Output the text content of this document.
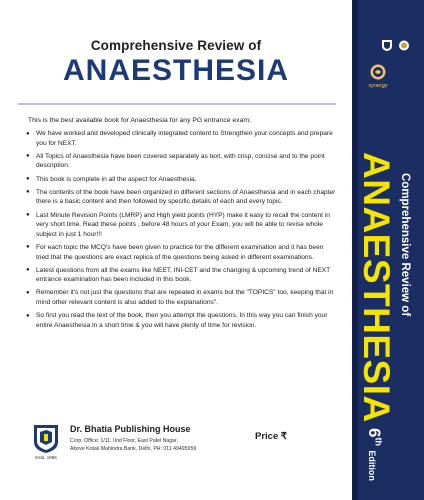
Comprehensive Review of
ANAESTHESIA
This is the best available book for Anaesthesia for any PG entrance exam;
● We have worked and developed clinically integrated content to Strengthen your concepts and prepare you for NEXT.
● All Topics of Anaesthesia have been covered separately as text, with crisp, concise and to the point description.
● This book is complete in all the aspect for Anaesthesia.
● The contents of the book have been organized in different sections of Anaesthesia and in each chapter there is a basic content and then followed by specific details of each and every topic.
● Last Minute Revision Points (LMRP) and High yield points (HYP) make it easy to recall the content in very short time. Read these points , before 48 hours of your Exam, you will be able to revise whole subject in just 1 hour!!!
● For each topic the MCQ's have been given to practice for the different examination and it has been tried that the questions are exact replica of the questions being asked in different examinations.
● Latest questions from all the exams like NEET, INI-CET and the changing & upcoming trend of NEXT entrance examination has been included in this book.
● Remember it's not just the questions that are repeated in exams but the "TOPICS" too, keeping that in mind other relevant content is also added to the explanations".
● So first you read the text of the book, then you attempt the questions. In this way you can finish your entire Anaesthesia in a short time & you will have plenty of time for revision.
Estd. 1996
Dr. Bhatia Publishing House
Corp. Office: 1/11, IInd Floor, East Patel Nagar,
Above Kotak Mahindra Bank, Delhi, PH: 011 49495959
Price ₹
synergy
Comprehensive Review of
ANAESTHESIA
6th Edition
